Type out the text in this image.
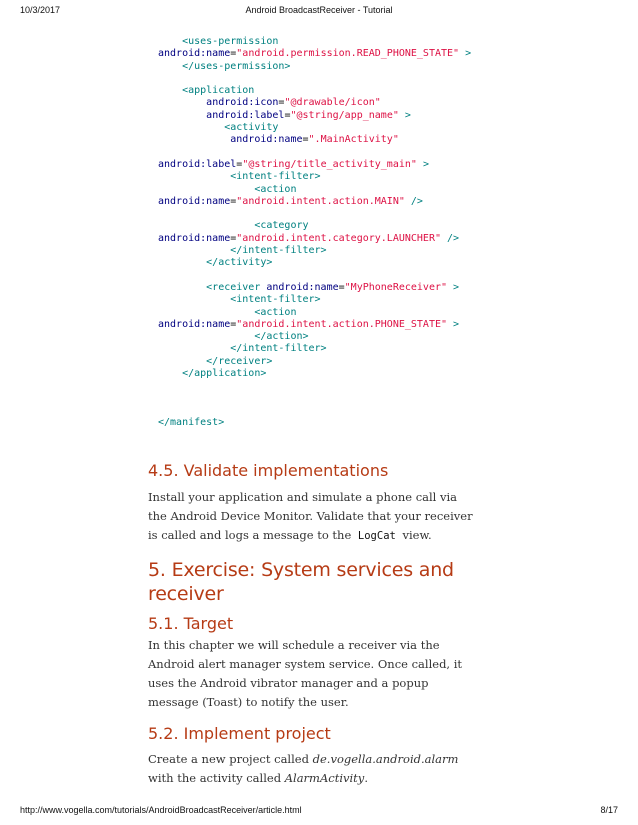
10/3/2017	Android BroadcastReceiver - Tutorial
<uses-permission
android:name="android.permission.READ_PHONE_STATE" >
</uses-permission>

<application
android:icon="@drawable/icon"
android:label="@string/app_name" >
<activity
android:name=".MainActivity"

android:label="@string/title_activity_main" >
<intent-filter>
<action
android:name="android.intent.action.MAIN" />

<category
android:name="android.intent.category.LAUNCHER" />
</intent-filter>
</activity>

<receiver android:name="MyPhoneReceiver" >
<intent-filter>
<action
android:name="android.intent.action.PHONE_STATE" >
</action>
</intent-filter>
</receiver>
</application>

</manifest>
4.5. Validate implementations

Install your application and simulate a phone call via the Android Device Monitor. Validate that your receiver is called and logs a message to the LogCat view.

5. Exercise: System services and receiver
5.1. Target

In this chapter we will schedule a receiver via the Android alert manager system service. Once called, it uses the Android vibrator manager and a popup message (Toast) to notify the user.

5.2. Implement project

Create a new project called de.vogella.android.alarm with the activity called AlarmActivity.

http://www.vogella.com/tutorials/AndroidBroadcastReceiver/article.html	8/17
